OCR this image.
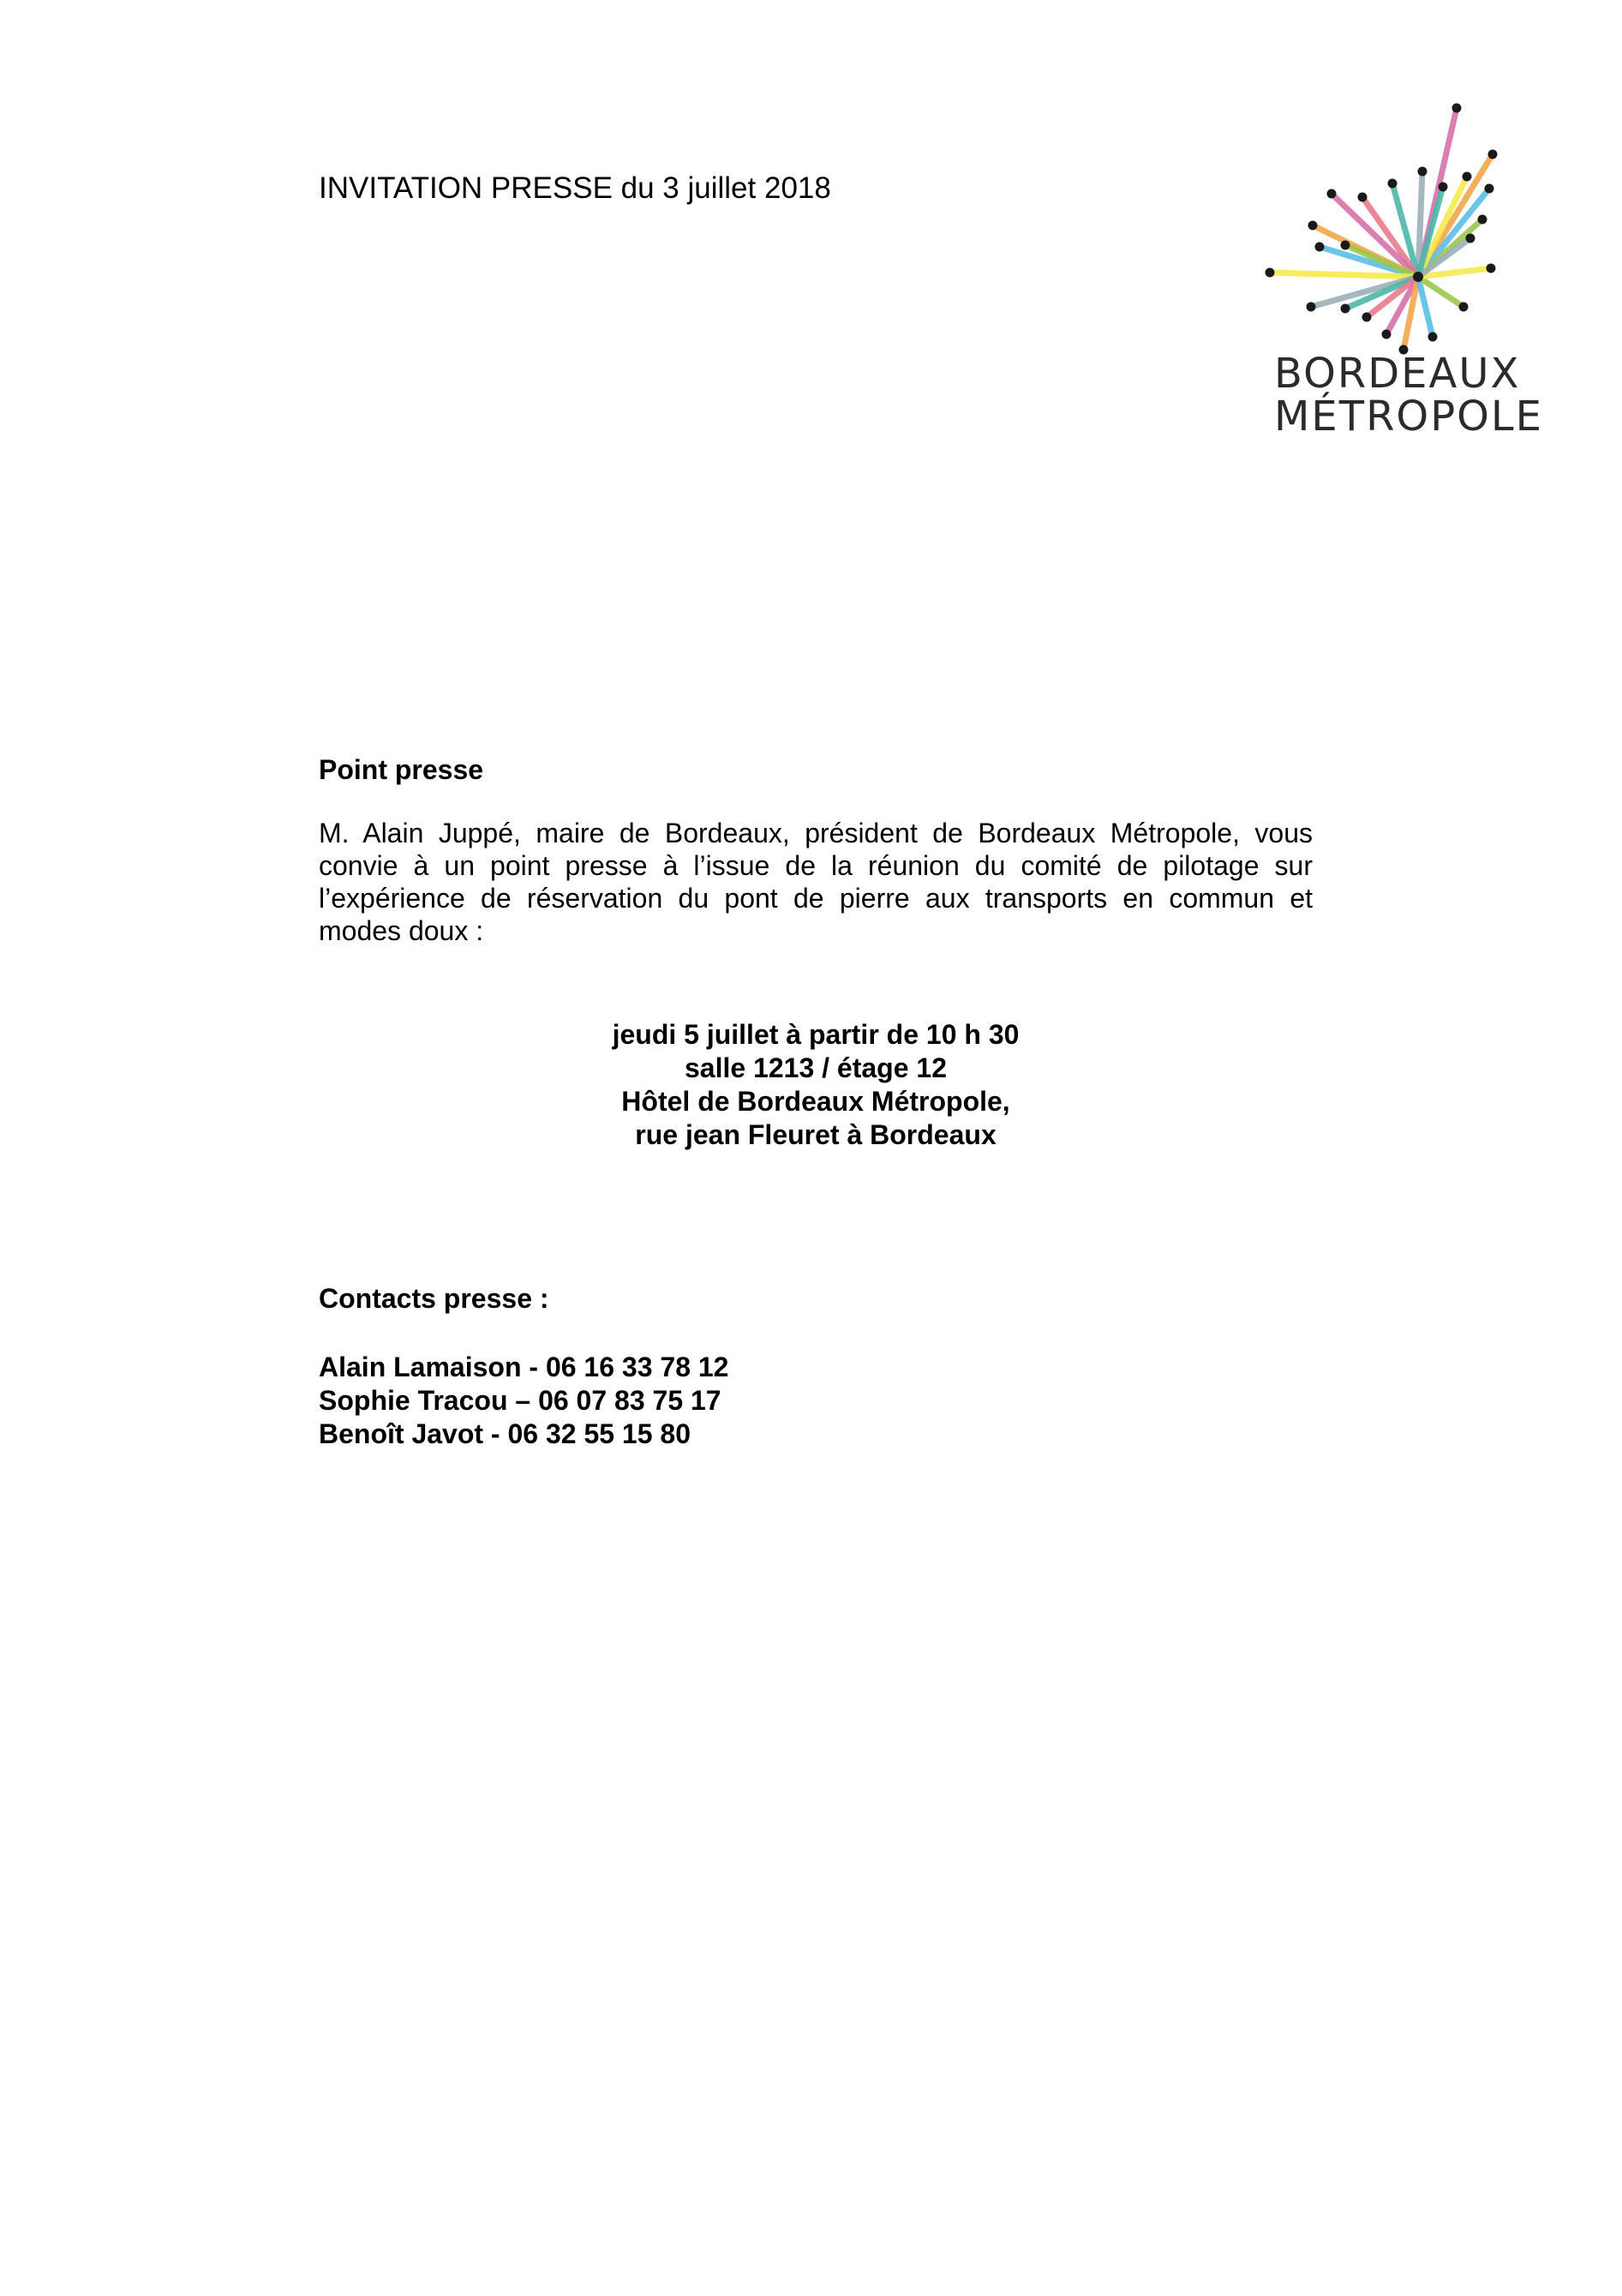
INVITATION PRESSE du 3 juillet 2018
BORDEAUX
MÉTROPOLE
Point presse
M. Alain Juppé, maire de Bordeaux, président de Bordeaux Métropole, vous
convie à un point presse à l’issue de la réunion du comité de pilotage sur
l’expérience de réservation du pont de pierre aux transports en commun et
modes doux :
jeudi 5 juillet à partir de 10 h 30
salle 1213 / étage 12
Hôtel de Bordeaux Métropole,
rue jean Fleuret à Bordeaux
Contacts presse :
Alain Lamaison - 06 16 33 78 12
Sophie Tracou – 06 07 83 75 17
Benoît Javot - 06 32 55 15 80
